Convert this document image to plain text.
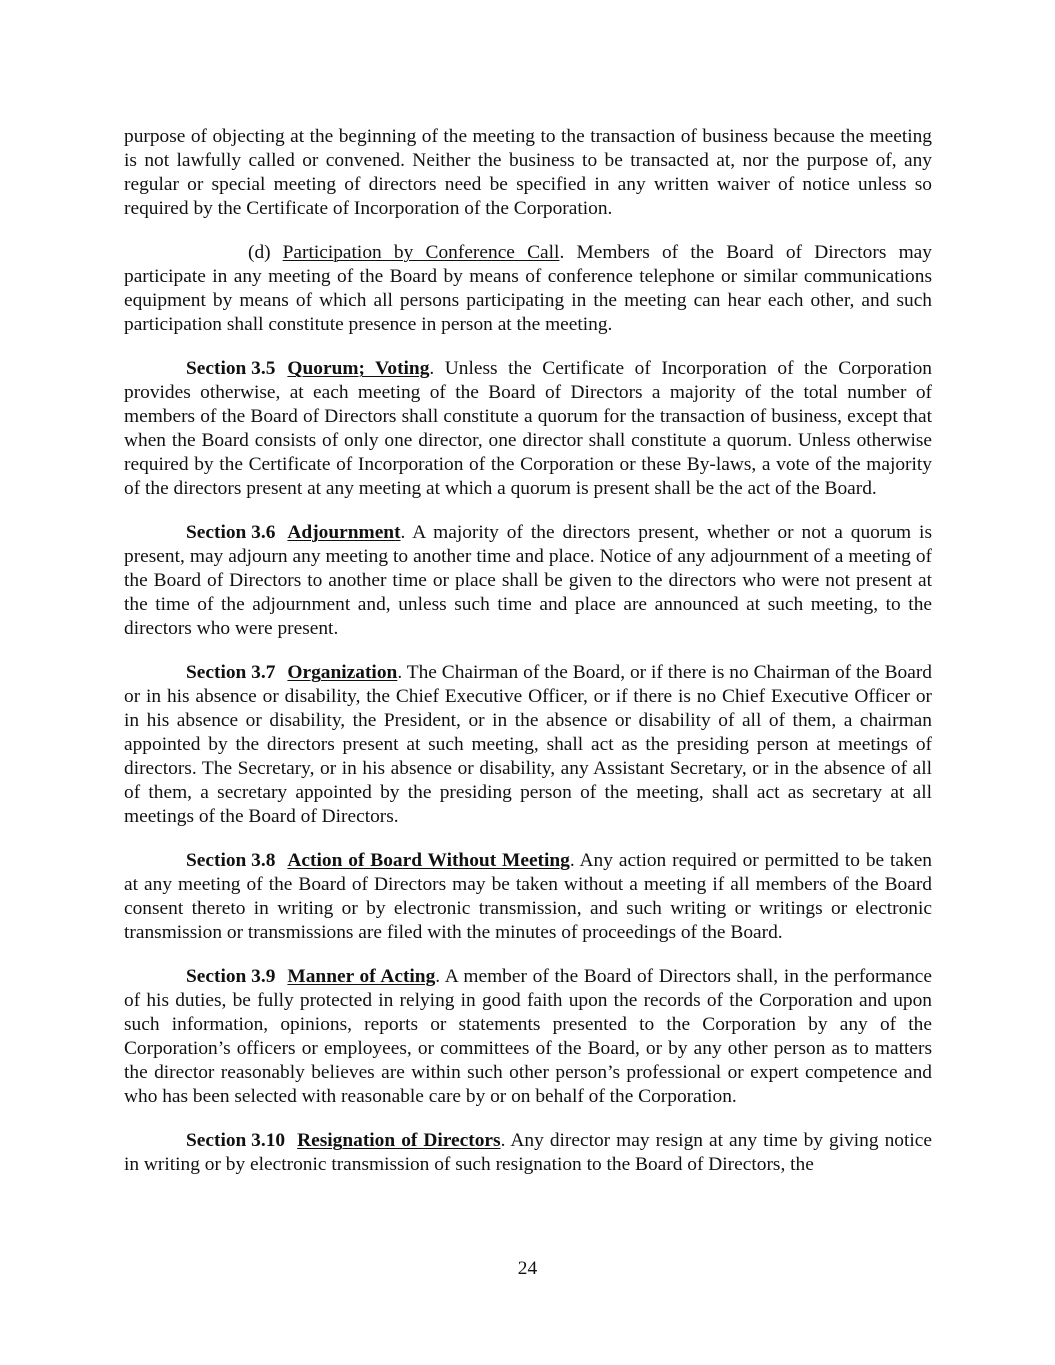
purpose of objecting at the beginning of the meeting to the transaction of business because the meeting is not lawfully called or convened. Neither the business to be transacted at, nor the purpose of, any regular or special meeting of directors need be specified in any written waiver of notice unless so required by the Certificate of Incorporation of the Corporation.

(d) Participation by Conference Call. Members of the Board of Directors may participate in any meeting of the Board by means of conference telephone or similar communications equipment by means of which all persons participating in the meeting can hear each other, and such participation shall constitute presence in person at the meeting.

Section 3.5 Quorum; Voting. Unless the Certificate of Incorporation of the Corporation provides otherwise, at each meeting of the Board of Directors a majority of the total number of members of the Board of Directors shall constitute a quorum for the transaction of business, except that when the Board consists of only one director, one director shall constitute a quorum. Unless otherwise required by the Certificate of Incorporation of the Corporation or these By-laws, a vote of the majority of the directors present at any meeting at which a quorum is present shall be the act of the Board.

Section 3.6 Adjournment. A majority of the directors present, whether or not a quorum is present, may adjourn any meeting to another time and place. Notice of any adjournment of a meeting of the Board of Directors to another time or place shall be given to the directors who were not present at the time of the adjournment and, unless such time and place are announced at such meeting, to the directors who were present.

Section 3.7 Organization. The Chairman of the Board, or if there is no Chairman of the Board or in his absence or disability, the Chief Executive Officer, or if there is no Chief Executive Officer or in his absence or disability, the President, or in the absence or disability of all of them, a chairman appointed by the directors present at such meeting, shall act as the presiding person at meetings of directors. The Secretary, or in his absence or disability, any Assistant Secretary, or in the absence of all of them, a secretary appointed by the presiding person of the meeting, shall act as secretary at all meetings of the Board of Directors.

Section 3.8 Action of Board Without Meeting. Any action required or permitted to be taken at any meeting of the Board of Directors may be taken without a meeting if all members of the Board consent thereto in writing or by electronic transmission, and such writing or writings or electronic transmission or transmissions are filed with the minutes of proceedings of the Board.

Section 3.9 Manner of Acting. A member of the Board of Directors shall, in the performance of his duties, be fully protected in relying in good faith upon the records of the Corporation and upon such information, opinions, reports or statements presented to the Corporation by any of the Corporation’s officers or employees, or committees of the Board, or by any other person as to matters the director reasonably believes are within such other person’s professional or expert competence and who has been selected with reasonable care by or on behalf of the Corporation.

Section 3.10 Resignation of Directors. Any director may resign at any time by giving notice in writing or by electronic transmission of such resignation to the Board of Directors, the

24
